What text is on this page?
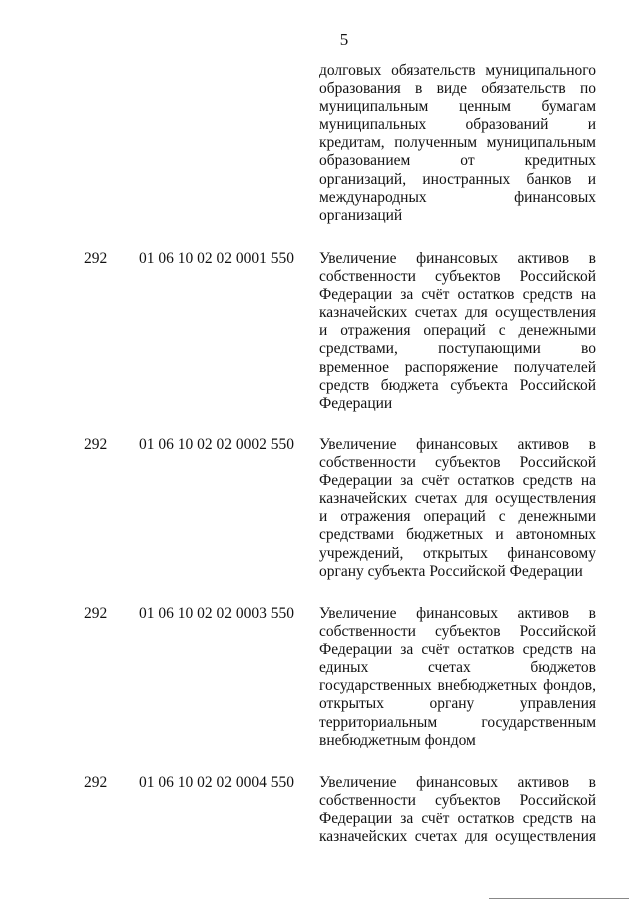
5
долговых обязательств муниципального
образования в виде обязательств по
муниципальным ценным бумагам
муниципальных образований и
кредитам, полученным муниципальным
образованием от кредитных
организаций, иностранных банков и
международных финансовых
организаций
292 01 06 10 02 02 0001 550 Увеличение финансовых активов в
собственности субъектов Российской
Федерации за счёт остатков средств на
казначейских счетах для осуществления
и отражения операций с денежными
средствами, поступающими во
временное распоряжение получателей
средств бюджета субъекта Российской
Федерации
292 01 06 10 02 02 0002 550 Увеличение финансовых активов в
собственности субъектов Российской
Федерации за счёт остатков средств на
казначейских счетах для осуществления
и отражения операций с денежными
средствами бюджетных и автономных
учреждений, открытых финансовому
органу субъекта Российской Федерации
292 01 06 10 02 02 0003 550 Увеличение финансовых активов в
собственности субъектов Российской
Федерации за счёт остатков средств на
единых счетах бюджетов
государственных внебюджетных фондов,
открытых органу управления
территориальным государственным
внебюджетным фондом
292 01 06 10 02 02 0004 550 Увеличение финансовых активов в
собственности субъектов Российской
Федерации за счёт остатков средств на
казначейских счетах для осуществления
